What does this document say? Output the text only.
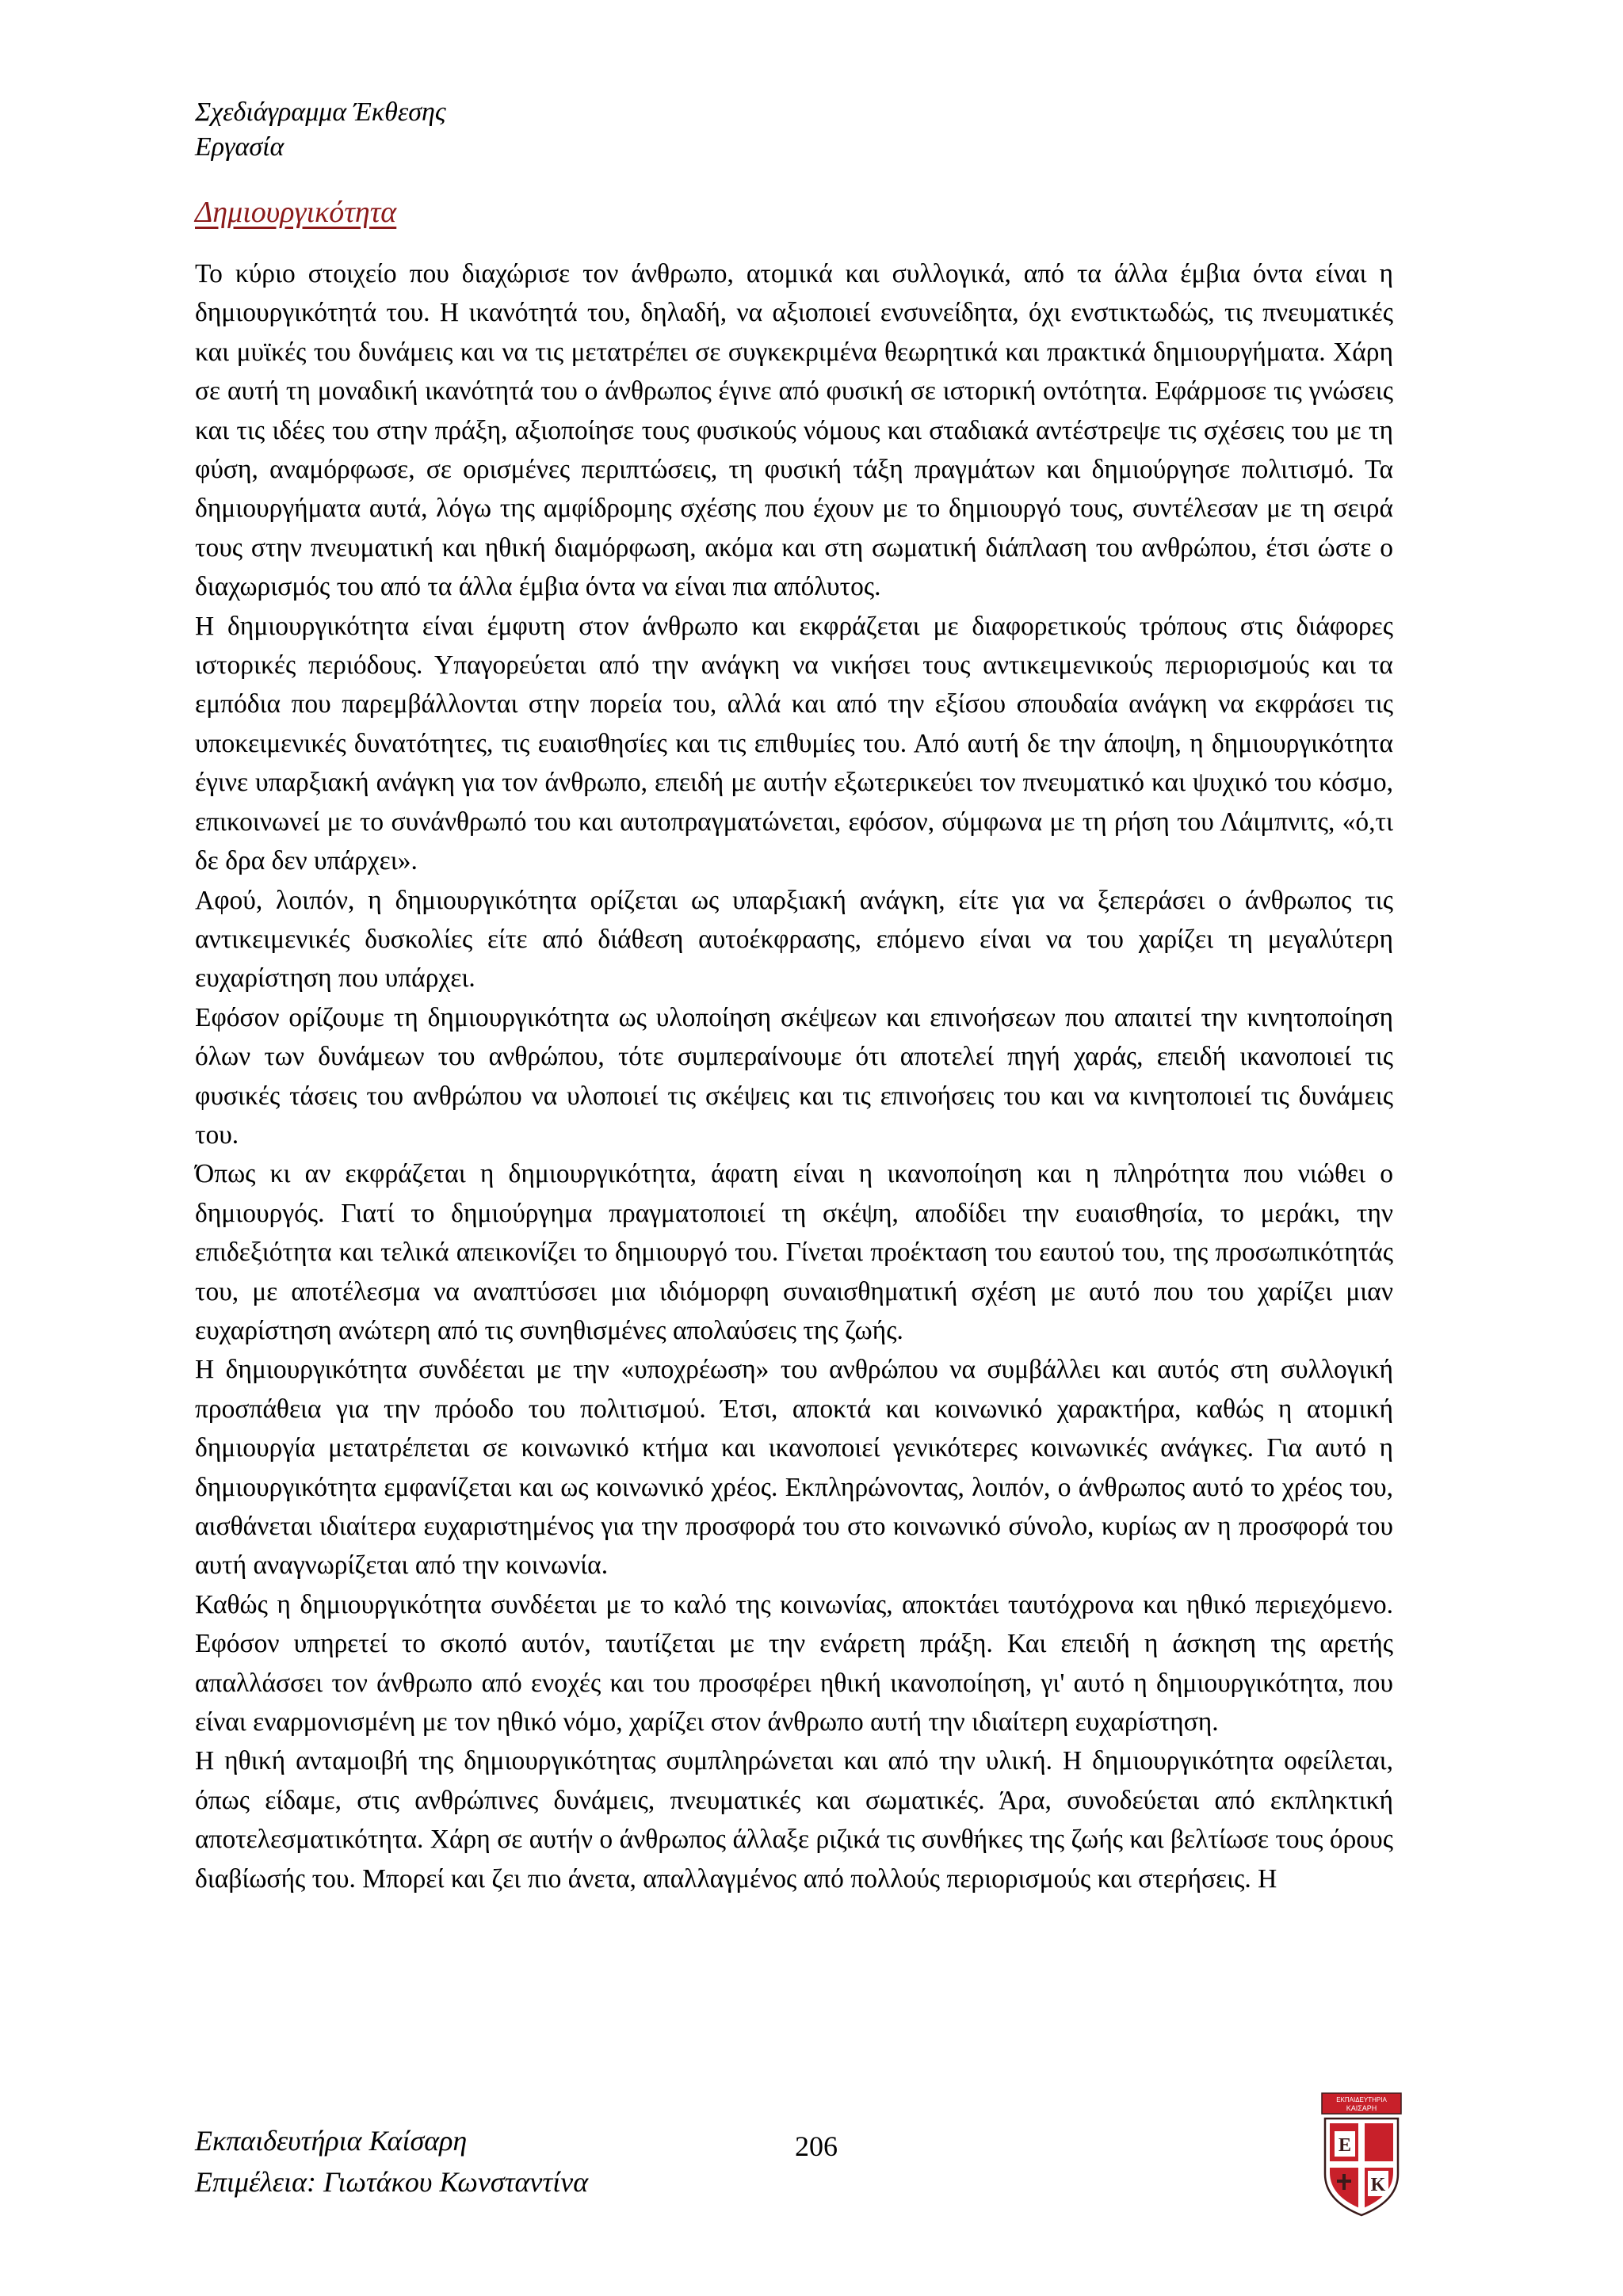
Σχεδιάγραμμα Έκθεσης
Εργασία
Δημιουργικότητα

Το κύριο στοιχείο που διαχώρισε τον άνθρωπο, ατομικά και συλλογικά, από τα άλλα έμβια όντα είναι η δημιουργικότητά του. Η ικανότητά του, δηλαδή, να αξιοποιεί ενσυνείδητα, όχι ενστικτωδώς, τις πνευματικές και μυϊκές του δυνάμεις και να τις μετατρέπει σε συγκεκριμένα θεωρητικά και πρακτικά δημιουργήματα. Χάρη σε αυτή τη μοναδική ικανότητά του ο άνθρωπος έγινε από φυσική σε ιστορική οντότητα. Εφάρμοσε τις γνώσεις και τις ιδέες του στην πράξη, αξιοποίησε τους φυσικούς νόμους και σταδιακά αντέστρεψε τις σχέσεις του με τη φύση, αναμόρφωσε, σε ορισμένες περιπτώσεις, τη φυσική τάξη πραγμάτων και δημιούργησε πολιτισμό. Τα δημιουργήματα αυτά, λόγω της αμφίδρομης σχέσης που έχουν με το δημιουργό τους, συντέλεσαν με τη σειρά τους στην πνευματική και ηθική διαμόρφωση, ακόμα και στη σωματική διάπλαση του ανθρώπου, έτσι ώστε ο διαχωρισμός του από τα άλλα έμβια όντα να είναι πια απόλυτος.

Η δημιουργικότητα είναι έμφυτη στον άνθρωπο και εκφράζεται με διαφορετικούς τρόπους στις διάφορες ιστορικές περιόδους. Υπαγορεύεται από την ανάγκη να νικήσει τους αντικειμενικούς περιορισμούς και τα εμπόδια που παρεμβάλλονται στην πορεία του, αλλά και από την εξίσου σπουδαία ανάγκη να εκφράσει τις υποκειμενικές δυνατότητες, τις ευαισθησίες και τις επιθυμίες του. Από αυτή δε την άποψη, η δημιουργικότητα έγινε υπαρξιακή ανάγκη για τον άνθρωπο, επειδή με αυτήν εξωτερικεύει τον πνευματικό και ψυχικό του κόσμο, επικοινωνεί με το συνάνθρωπό του και αυτοπραγματώνεται, εφόσον, σύμφωνα με τη ρήση του Λάιμπνιτς, «ό,τι δε δρα δεν υπάρχει».

Αφού, λοιπόν, η δημιουργικότητα ορίζεται ως υπαρξιακή ανάγκη, είτε για να ξεπεράσει ο άνθρωπος τις αντικειμενικές δυσκολίες είτε από διάθεση αυτοέκφρασης, επόμενο είναι να του χαρίζει τη μεγαλύτερη ευχαρίστηση που υπάρχει.

Εφόσον ορίζουμε τη δημιουργικότητα ως υλοποίηση σκέψεων και επινοήσεων που απαιτεί την κινητοποίηση όλων των δυνάμεων του ανθρώπου, τότε συμπεραίνουμε ότι αποτελεί πηγή χαράς, επειδή ικανοποιεί τις φυσικές τάσεις του ανθρώπου να υλοποιεί τις σκέψεις και τις επινοήσεις του και να κινητοποιεί τις δυνάμεις του.

Όπως κι αν εκφράζεται η δημιουργικότητα, άφατη είναι η ικανοποίηση και η πληρότητα που νιώθει ο δημιουργός. Γιατί το δημιούργημα πραγματοποιεί τη σκέψη, αποδίδει την ευαισθησία, το μεράκι, την επιδεξιότητα και τελικά απεικονίζει το δημιουργό του. Γίνεται προέκταση του εαυτού του, της προσωπικότητάς του, με αποτέλεσμα να αναπτύσσει μια ιδιόμορφη συναισθηματική σχέση με αυτό που του χαρίζει μιαν ευχαρίστηση ανώτερη από τις συνηθισμένες απολαύσεις της ζωής.

Η δημιουργικότητα συνδέεται με την «υποχρέωση» του ανθρώπου να συμβάλλει και αυτός στη συλλογική προσπάθεια για την πρόοδο του πολιτισμού. Έτσι, αποκτά και κοινωνικό χαρακτήρα, καθώς η ατομική δημιουργία μετατρέπεται σε κοινωνικό κτήμα και ικανοποιεί γενικότερες κοινωνικές ανάγκες. Για αυτό η δημιουργικότητα εμφανίζεται και ως κοινωνικό χρέος. Εκπληρώνοντας, λοιπόν, ο άνθρωπος αυτό το χρέος του, αισθάνεται ιδιαίτερα ευχαριστημένος για την προσφορά του στο κοινωνικό σύνολο, κυρίως αν η προσφορά του αυτή αναγνωρίζεται από την κοινωνία.

Καθώς η δημιουργικότητα συνδέεται με το καλό της κοινωνίας, αποκτάει ταυτόχρονα και ηθικό περιεχόμενο. Εφόσον υπηρετεί το σκοπό αυτόν, ταυτίζεται με την ενάρετη πράξη. Και επειδή η άσκηση της αρετής απαλλάσσει τον άνθρωπο από ενοχές και του προσφέρει ηθική ικανοποίηση, γι' αυτό η δημιουργικότητα, που είναι εναρμονισμένη με τον ηθικό νόμο, χαρίζει στον άνθρωπο αυτή την ιδιαίτερη ευχαρίστηση.

Η ηθική ανταμοιβή της δημιουργικότητας συμπληρώνεται και από την υλική. Η δημιουργικότητα οφείλεται, όπως είδαμε, στις ανθρώπινες δυνάμεις, πνευματικές και σωματικές. Άρα, συνοδεύεται από εκπληκτική αποτελεσματικότητα. Χάρη σε αυτήν ο άνθρωπος άλλαξε ριζικά τις συνθήκες της ζωής και βελτίωσε τους όρους διαβίωσής του. Μπορεί και ζει πιο άνετα, απαλλαγμένος από πολλούς περιορισμούς και στερήσεις. Η

Εκπαιδευτήρια Καίσαρη
Επιμέλεια: Γιωτάκου Κωνσταντίνα
206
ΕΚΠΑΙΔΕΥΤΗΡΙΑ
ΚΑΙΣΑΡΗ
Ε
Κ
